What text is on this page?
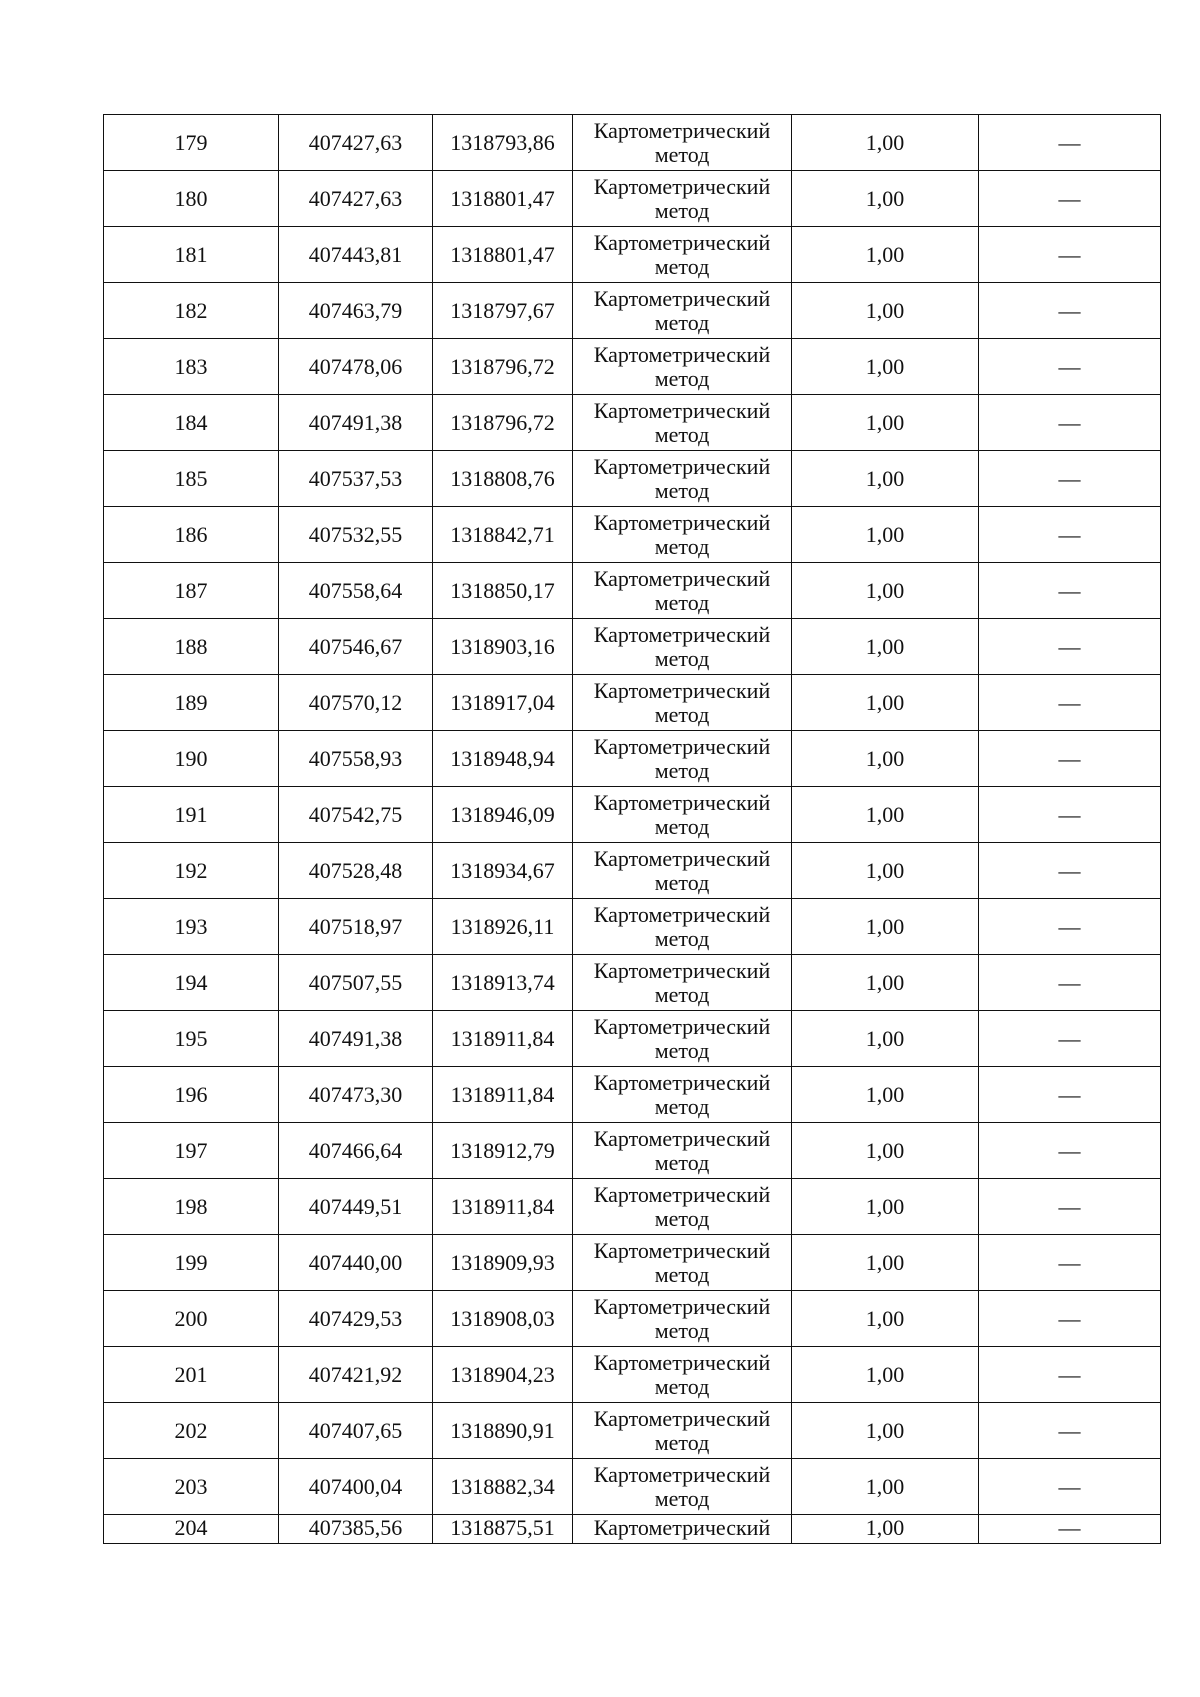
179	407427,63	1318793,86	Картометрический метод	1,00	—
180	407427,63	1318801,47	Картометрический метод	1,00	—
181	407443,81	1318801,47	Картометрический метод	1,00	—
182	407463,79	1318797,67	Картометрический метод	1,00	—
183	407478,06	1318796,72	Картометрический метод	1,00	—
184	407491,38	1318796,72	Картометрический метод	1,00	—
185	407537,53	1318808,76	Картометрический метод	1,00	—
186	407532,55	1318842,71	Картометрический метод	1,00	—
187	407558,64	1318850,17	Картометрический метод	1,00	—
188	407546,67	1318903,16	Картометрический метод	1,00	—
189	407570,12	1318917,04	Картометрический метод	1,00	—
190	407558,93	1318948,94	Картометрический метод	1,00	—
191	407542,75	1318946,09	Картометрический метод	1,00	—
192	407528,48	1318934,67	Картометрический метод	1,00	—
193	407518,97	1318926,11	Картометрический метод	1,00	—
194	407507,55	1318913,74	Картометрический метод	1,00	—
195	407491,38	1318911,84	Картометрический метод	1,00	—
196	407473,30	1318911,84	Картометрический метод	1,00	—
197	407466,64	1318912,79	Картометрический метод	1,00	—
198	407449,51	1318911,84	Картометрический метод	1,00	—
199	407440,00	1318909,93	Картометрический метод	1,00	—
200	407429,53	1318908,03	Картометрический метод	1,00	—
201	407421,92	1318904,23	Картометрический метод	1,00	—
202	407407,65	1318890,91	Картометрический метод	1,00	—
203	407400,04	1318882,34	Картометрический метод	1,00	—
204	407385,56	1318875,51	Картометрический	1,00	—
